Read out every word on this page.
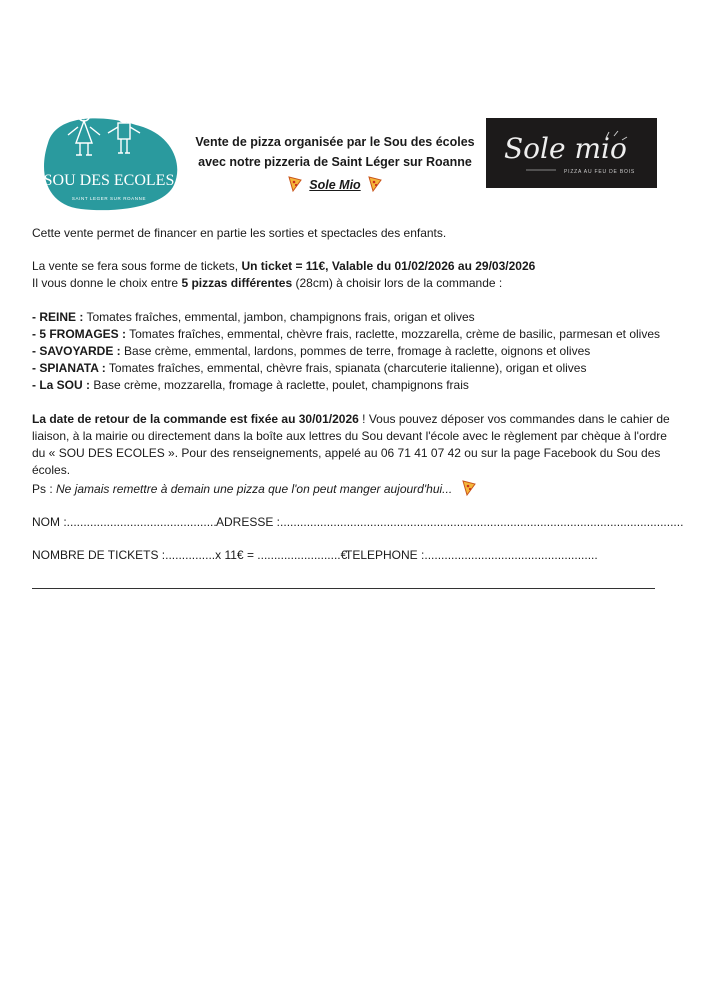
SOU DES ECOLES
SAINT LEGER SUR ROANNE
Vente de pizza organisée par le Sou des écoles
avec notre pizzeria de Saint Léger sur Roanne
Sole Mio
Sole mio
PIZZA AU FEU DE BOIS
Cette vente permet de financer en partie les sorties et spectacles des enfants.
La vente se fera sous forme de tickets, Un ticket = 11€, Valable du 01/02/2026 au 29/03/2026
Il vous donne le choix entre 5 pizzas différentes (28cm) à choisir lors de la commande :
- REINE : Tomates fraîches, emmental, jambon, champignons frais, origan et olives
- 5 FROMAGES : Tomates fraîches, emmental, chèvre frais, raclette, mozzarella, crème de basilic, parmesan et olives
- SAVOYARDE : Base crème, emmental, lardons, pommes de terre, fromage à raclette, oignons et olives
- SPIANATA : Tomates fraîches, emmental, chèvre frais, spianata (charcuterie italienne), origan et olives
- La SOU : Base crème, mozzarella, fromage à raclette, poulet, champignons frais
La date de retour de la commande est fixée au 30/01/2026 ! Vous pouvez déposer vos commandes dans le cahier de liaison, à la mairie ou directement dans la boîte aux lettres du Sou devant l'école avec le règlement par chèque à l'ordre du « SOU DES ECOLES ». Pour des renseignements, appelé au 06 71 41 07 42 ou sur la page Facebook du Sou des écoles.
Ps : Ne jamais remettre à demain une pizza que l'on peut manger aujourd'hui...
NOM :............................................. ADRESSE :.........................................................................................................................
NOMBRE DE TICKETS :...............x 11€ = .........................€
TELEPHONE :....................................................
